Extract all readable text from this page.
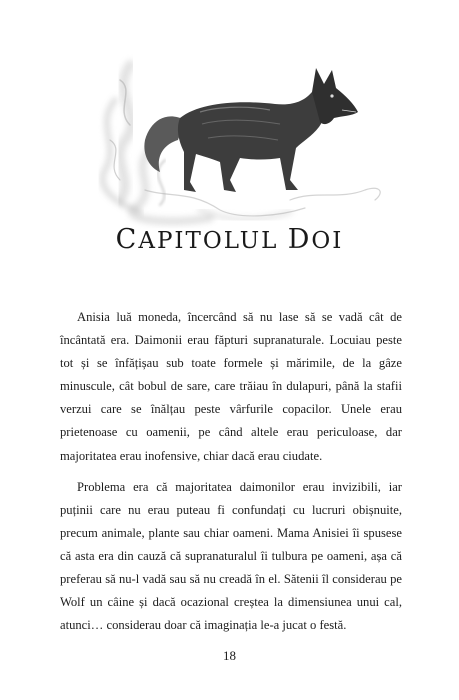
CAPITOLUL DOI

Anisia luă moneda, încercând să nu lase să se vadă cât de încântată era. Daimonii erau făpturi supranaturale. Locuiau peste tot și se înfățișau sub toate formele și mărimile, de la gâze minuscule, cât bobul de sare, care trăiau în dulapuri, până la stafii verzui care se înălțau peste vârfurile copacilor. Unele erau prietenoase cu oamenii, pe când altele erau periculoase, dar majoritatea erau inofensive, chiar dacă erau ciudate.

Problema era că majoritatea daimonilor erau invizibili, iar puținii care nu erau puteau fi confundați cu lucruri obișnuite, precum animale, plante sau chiar oameni. Mama Anisiei îi spusese că asta era din cauză că supranaturalul îi tulbura pe oameni, așa că preferau să nu-l vadă sau să nu creadă în el. Sătenii îl considerau pe Wolf un câine și dacă ocazional creștea la dimensiunea unui cal, atunci… considerau doar că imaginația le-a jucat o festă.

18
